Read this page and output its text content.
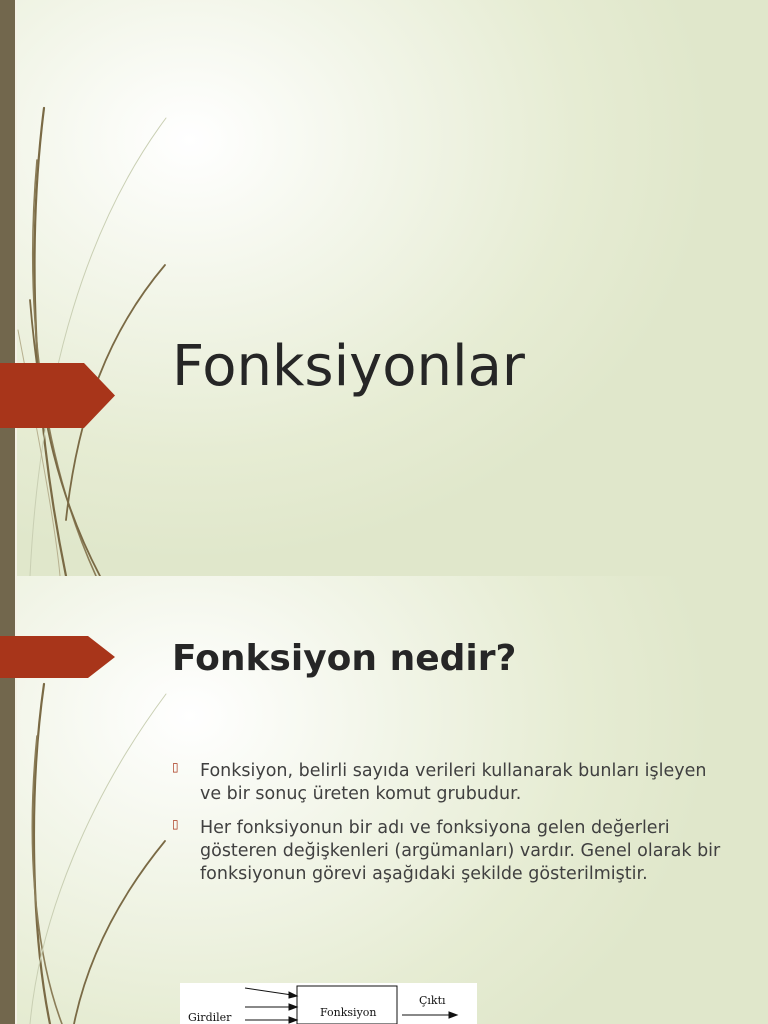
Fonksiyonlar
Fonksiyon nedir?
▯ Fonksiyon, belirli sayıda verileri kullanarak bunları işleyen ve bir sonuç üreten komut grubudur.
▯ Her fonksiyonun bir adı ve fonksiyona gelen değerleri gösteren değişkenleri (argümanları) vardır. Genel olarak bir fonksiyonun görevi aşağıdaki şekilde gösterilmiştir.
Girdiler	Fonksiyon
Çıktı
